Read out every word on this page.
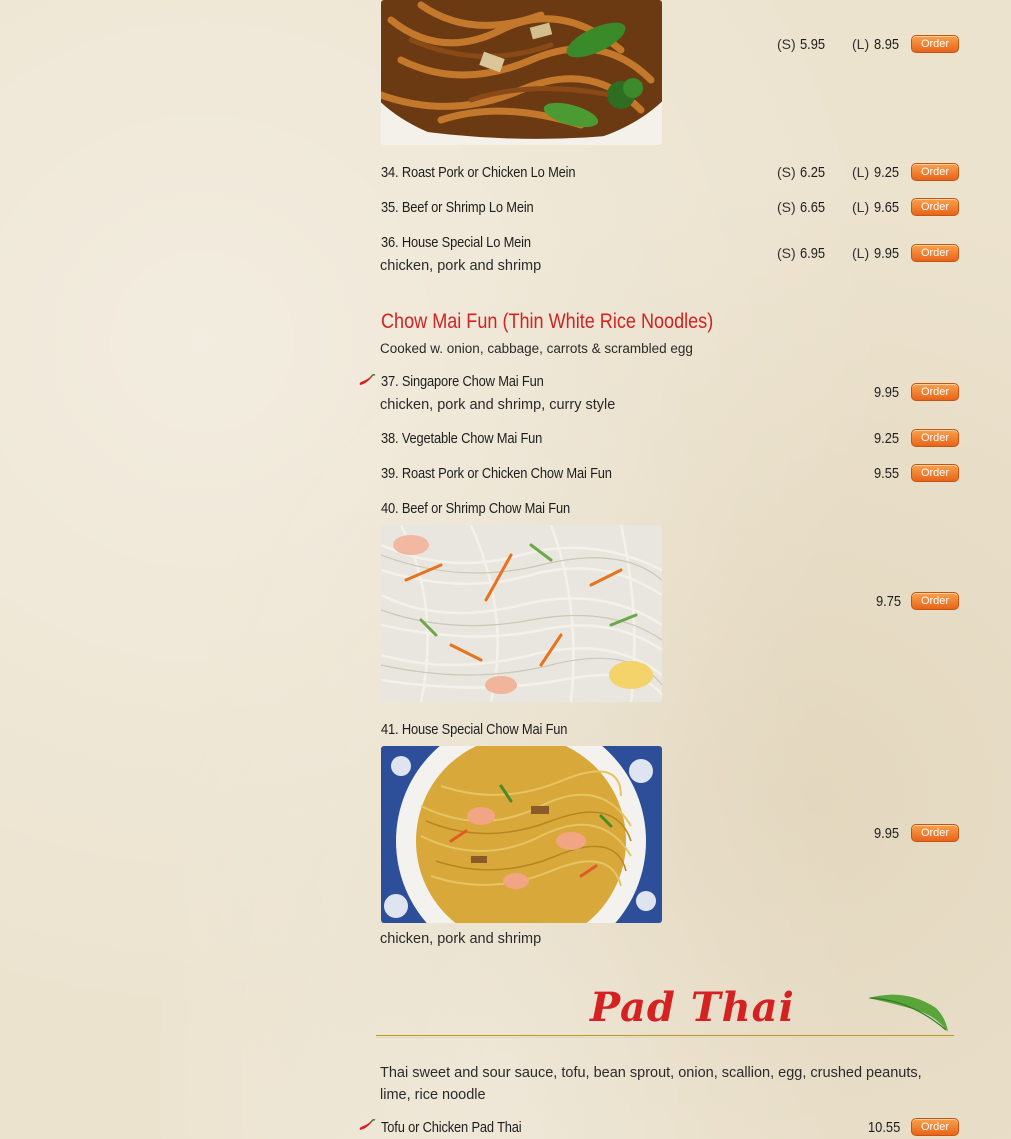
(S) 5.95 (L) 8.95	Order
34. Roast Pork or Chicken Lo Mein	(S) 6.25 (L) 9.25	Order
35. Beef or Shrimp Lo Mein	(S) 6.65 (L) 9.65	Order
36. House Special Lo Mein
chicken, pork and shrimp
(S) 6.95 (L) 9.95	Order
Chow Mai Fun (Thin White Rice Noodles)
Cooked w. onion, cabbage, carrots & scrambled egg
37. Singapore Chow Mai Fun
chicken, pork and shrimp, curry style
9.95	Order
38. Vegetable Chow Mai Fun	9.25	Order
39. Roast Pork or Chicken Chow Mai Fun	9.55	Order
40. Beef or Shrimp Chow Mai Fun
9.75	Order
41. House Special Chow Mai Fun
chicken, pork and shrimp
9.95	Order
Pad Thai
Thai sweet and sour sauce, tofu, bean sprout, onion, scallion, egg, crushed peanuts, lime, rice noodle
Tofu or Chicken Pad Thai	10.55	Order
